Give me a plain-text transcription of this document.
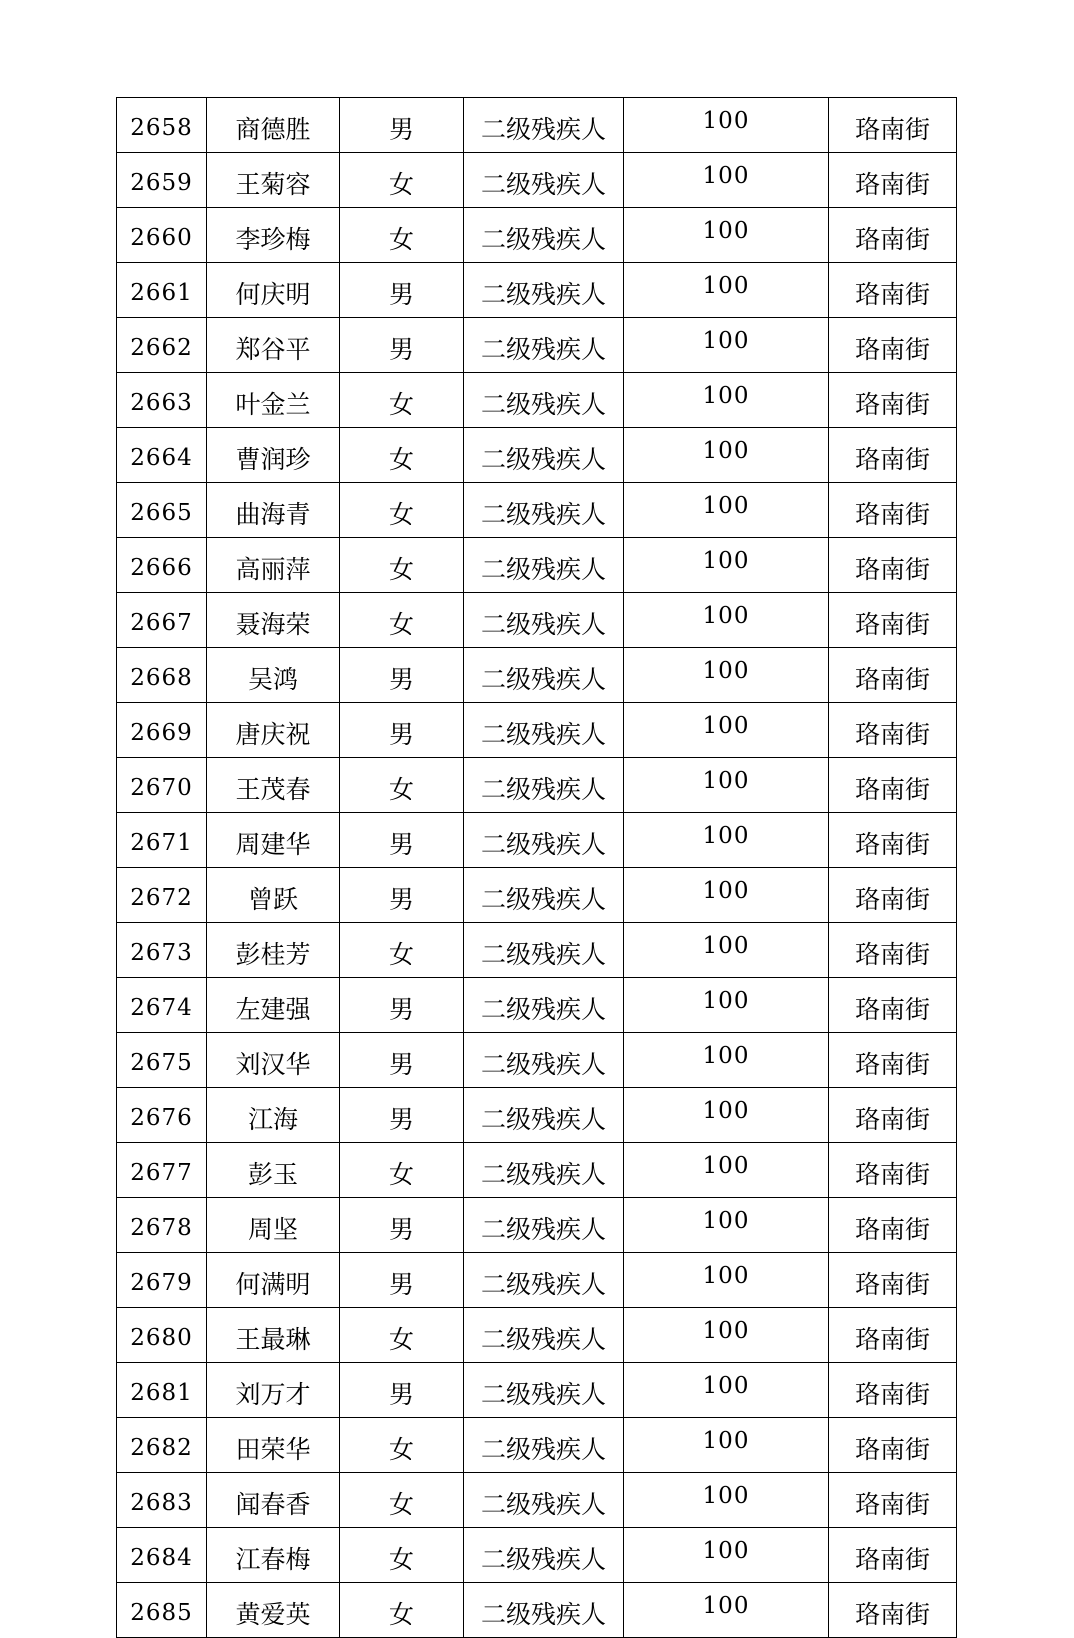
2658	商德胜	男	二级残疾人	100	珞南街
2659	王菊容	女	二级残疾人	100	珞南街
2660	李珍梅	女	二级残疾人	100	珞南街
2661	何庆明	男	二级残疾人	100	珞南街
2662	郑谷平	男	二级残疾人	100	珞南街
2663	叶金兰	女	二级残疾人	100	珞南街
2664	曹润珍	女	二级残疾人	100	珞南街
2665	曲海青	女	二级残疾人	100	珞南街
2666	高丽萍	女	二级残疾人	100	珞南街
2667	聂海荣	女	二级残疾人	100	珞南街
2668	吴鸿	男	二级残疾人	100	珞南街
2669	唐庆祝	男	二级残疾人	100	珞南街
2670	王茂春	女	二级残疾人	100	珞南街
2671	周建华	男	二级残疾人	100	珞南街
2672	曾跃	男	二级残疾人	100	珞南街
2673	彭桂芳	女	二级残疾人	100	珞南街
2674	左建强	男	二级残疾人	100	珞南街
2675	刘汉华	男	二级残疾人	100	珞南街
2676	江海	男	二级残疾人	100	珞南街
2677	彭玉	女	二级残疾人	100	珞南街
2678	周坚	男	二级残疾人	100	珞南街
2679	何满明	男	二级残疾人	100	珞南街
2680	王最琳	女	二级残疾人	100	珞南街
2681	刘万才	男	二级残疾人	100	珞南街
2682	田荣华	女	二级残疾人	100	珞南街
2683	闻春香	女	二级残疾人	100	珞南街
2684	江春梅	女	二级残疾人	100	珞南街
2685	黄爱英	女	二级残疾人	100	珞南街
